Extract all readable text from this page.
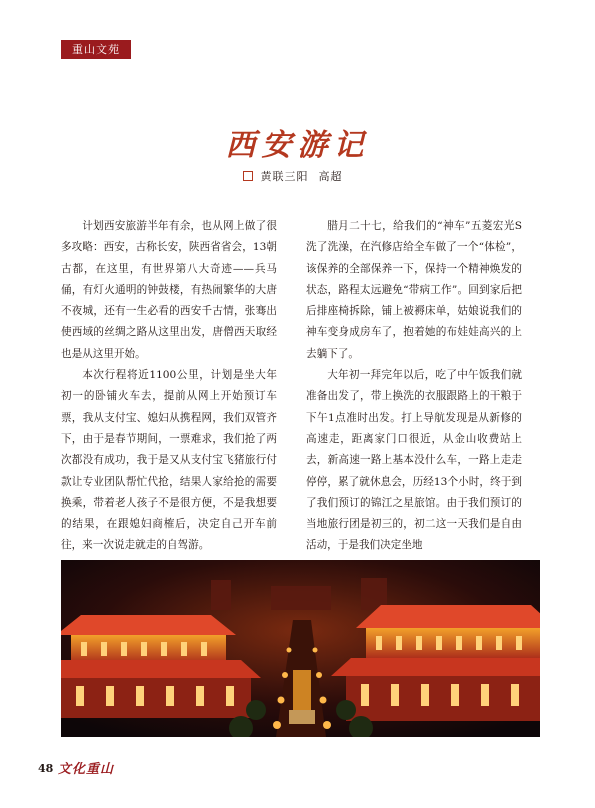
重山文苑
西安游记
黄联三阳 高超

计划西安旅游半年有余，也从网上做了很多攻略：西安，古称长安，陕西省省会，13朝古都，在这里，有世界第八大奇迹——兵马俑，有灯火通明的钟鼓楼，有热闹繁华的大唐不夜城，还有一生必看的西安千古情，张骞出使西域的丝绸之路从这里出发，唐僧西天取经也是从这里开始。

本次行程将近1100公里，计划是坐大年初一的卧铺火车去，提前从网上开始预订车票，我从支付宝、媳妇从携程网，我们双管齐下，由于是春节期间，一票难求，我们抢了两次都没有成功，我于是又从支付宝飞猪旅行付款让专业团队帮忙代抢，结果人家给抢的需要换乘，带着老人孩子不是很方便，不是我想要的结果，在跟媳妇商榷后，决定自己开车前往，来一次说走就走的自驾游。

腊月二十七，给我们的“神车”五菱宏光S洗了洗澡，在汽修店给全车做了一个“体检”，该保养的全部保养一下，保持一个精神焕发的状态，路程太远避免“带病工作”。回到家后把后排座椅拆除，铺上被褥床单，姑娘说我们的神车变身成房车了，抱着她的布娃娃高兴的上去躺下了。

大年初一拜完年以后，吃了中午饭我们就准备出发了，带上换洗的衣服跟路上的干粮于下午1点准时出发。打上导航发现是从新修的高速走，距离家门口很近，从金山收费站上去，新高速一路上基本没什么车，一路上走走停停，累了就休息会，历经13个小时，终于到了我们预订的锦江之星旅馆。由于我们预订的当地旅行团是初三的，初二这一天我们是自由活动，于是我们决定坐地

48 文化重山
